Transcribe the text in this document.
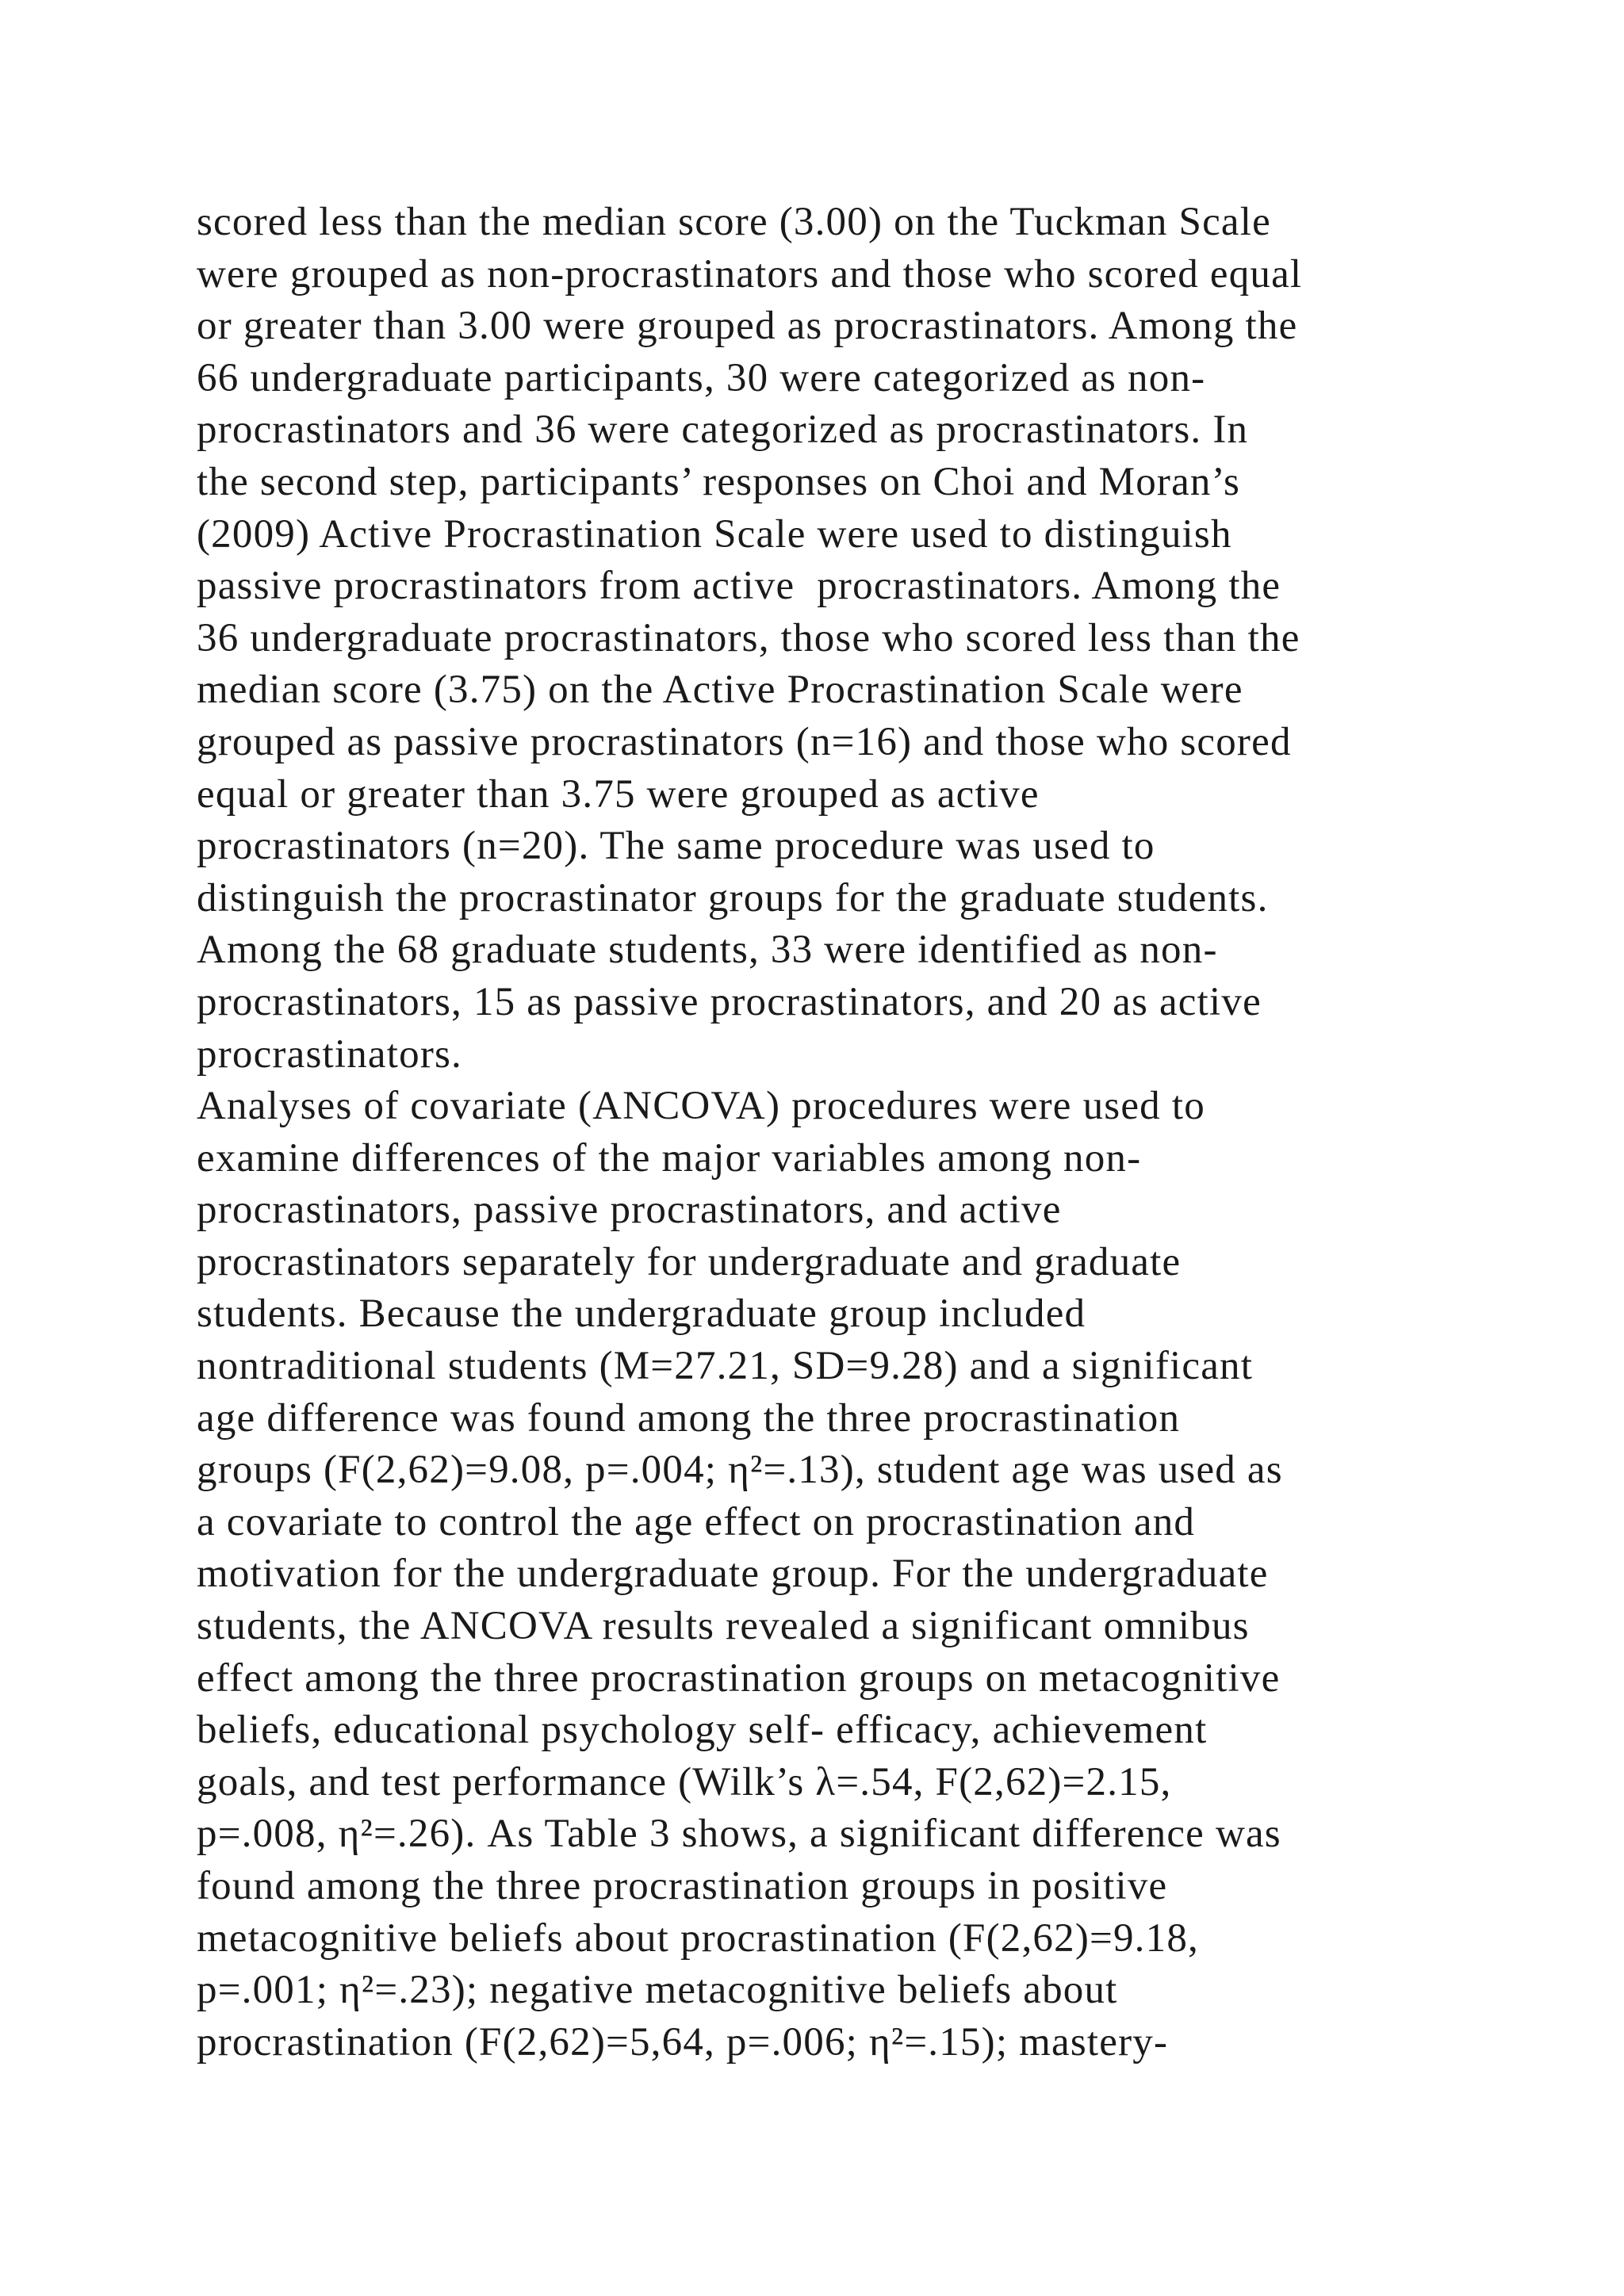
scored less than the median score (3.00) on the Tuckman Scale
were grouped as non-procrastinators and those who scored equal
or greater than 3.00 were grouped as procrastinators. Among the
66 undergraduate participants, 30 were categorized as non-
procrastinators and 36 were categorized as procrastinators. In
the second step, participants’ responses on Choi and Moran’s
(2009) Active Procrastination Scale were used to distinguish
passive procrastinators from active  procrastinators. Among the
36 undergraduate procrastinators, those who scored less than the
median score (3.75) on the Active Procrastination Scale were
grouped as passive procrastinators (n=16) and those who scored
equal or greater than 3.75 were grouped as active
procrastinators (n=20). The same procedure was used to
distinguish the procrastinator groups for the graduate students.
Among the 68 graduate students, 33 were identified as non-
procrastinators, 15 as passive procrastinators, and 20 as active
procrastinators.
Analyses of covariate (ANCOVA) procedures were used to
examine differences of the major variables among non-
procrastinators, passive procrastinators, and active
procrastinators separately for undergraduate and graduate
students. Because the undergraduate group included
nontraditional students (M=27.21, SD=9.28) and a significant
age difference was found among the three procrastination
groups (F(2,62)=9.08, p=.004; η²=.13), student age was used as
a covariate to control the age effect on procrastination and
motivation for the undergraduate group. For the undergraduate
students, the ANCOVA results revealed a significant omnibus
effect among the three procrastination groups on metacognitive
beliefs, educational psychology self- efficacy, achievement
goals, and test performance (Wilk’s λ=.54, F(2,62)=2.15,
p=.008, η²=.26). As Table 3 shows, a significant difference was
found among the three procrastination groups in positive
metacognitive beliefs about procrastination (F(2,62)=9.18,
p=.001; η²=.23); negative metacognitive beliefs about
procrastination (F(2,62)=5,64, p=.006; η²=.15); mastery-
